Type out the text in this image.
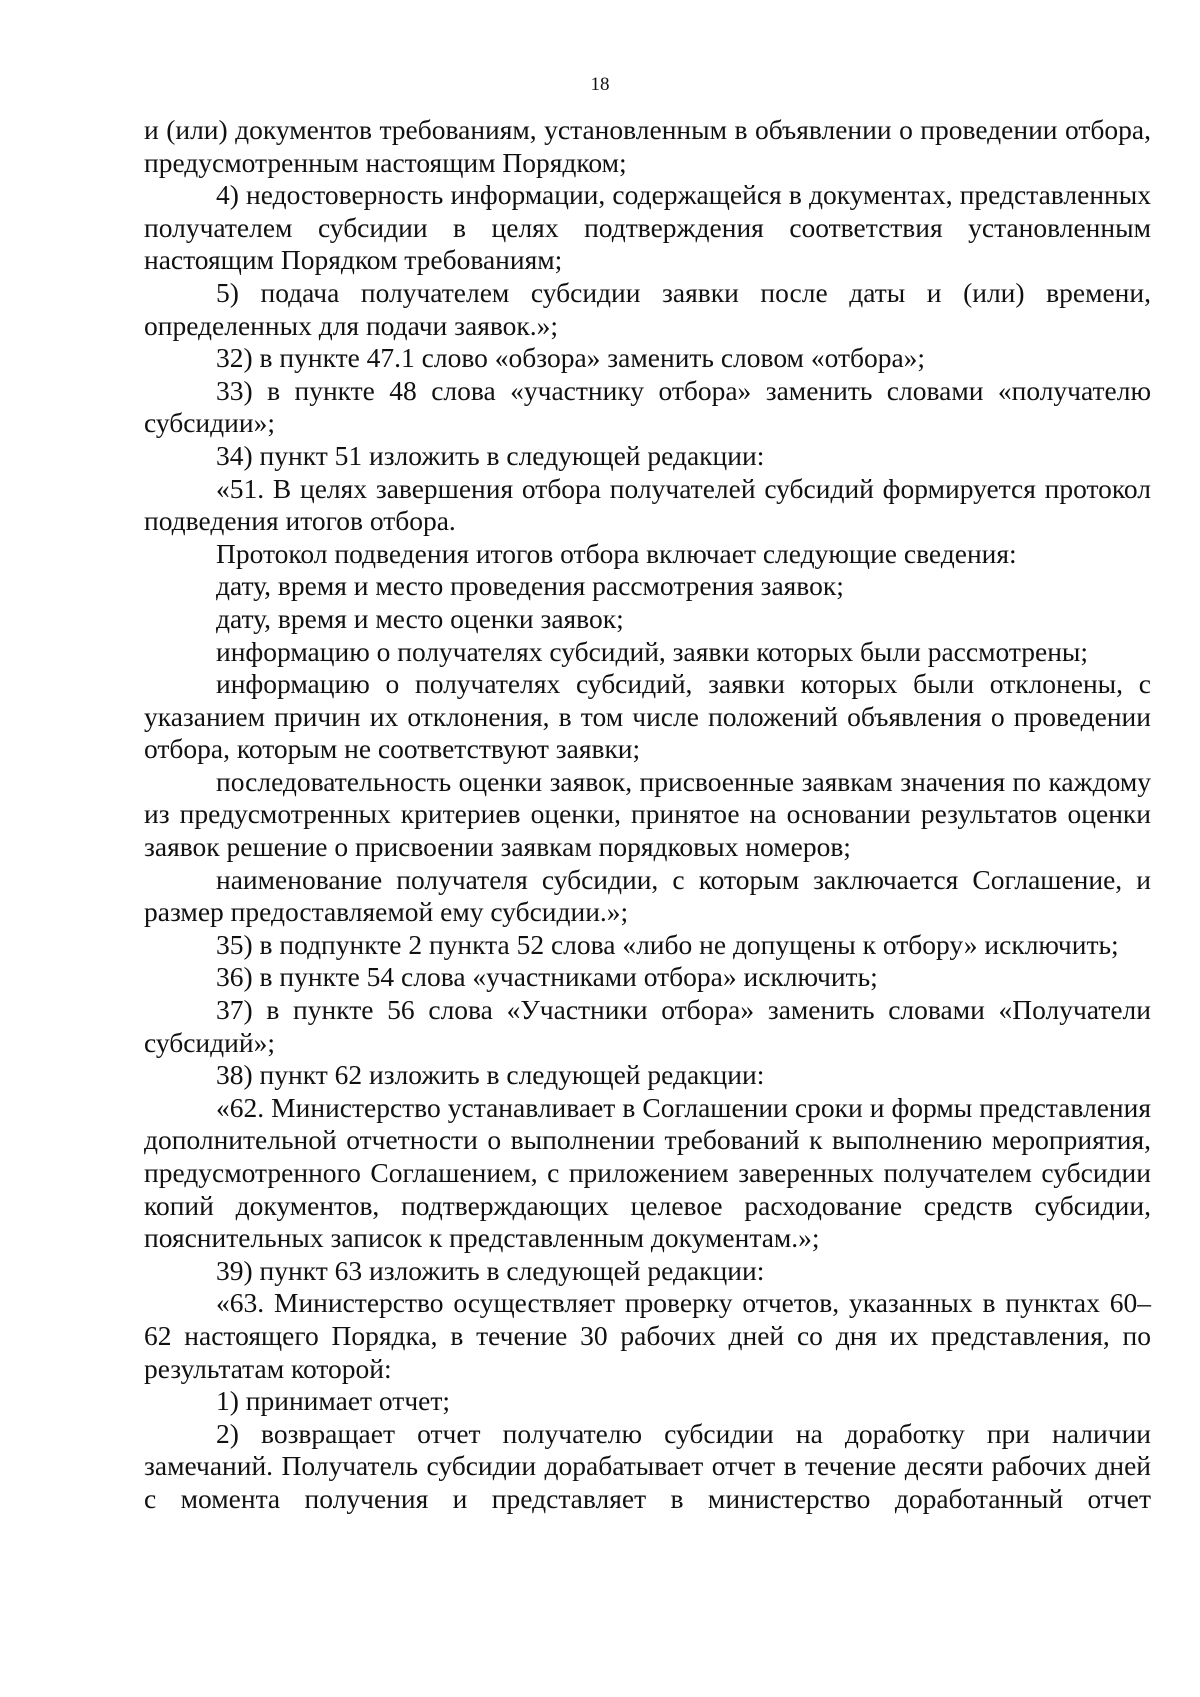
18

и (или) документов требованиям, установленным в объявлении о проведении отбора, предусмотренным настоящим Порядком;

4) недостоверность информации, содержащейся в документах, представленных получателем субсидии в целях подтверждения соответствия установленным настоящим Порядком требованиям;

5) подача получателем субсидии заявки после даты и (или) времени, определенных для подачи заявок.»;

32) в пункте 47.1 слово «обзора» заменить словом «отбора»;

33) в пункте 48 слова «участнику отбора» заменить словами «получателю субсидии»;

34) пункт 51 изложить в следующей редакции:

«51. В целях завершения отбора получателей субсидий формируется протокол подведения итогов отбора.

Протокол подведения итогов отбора включает следующие сведения:

дату, время и место проведения рассмотрения заявок;

дату, время и место оценки заявок;

информацию о получателях субсидий, заявки которых были рассмотрены;

информацию о получателях субсидий, заявки которых были отклонены, с указанием причин их отклонения, в том числе положений объявления о проведении отбора, которым не соответствуют заявки;

последовательность оценки заявок, присвоенные заявкам значения по каждому из предусмотренных критериев оценки, принятое на основании результатов оценки заявок решение о присвоении заявкам порядковых номеров;

наименование получателя субсидии, с которым заключается Соглашение, и размер предоставляемой ему субсидии.»;

35) в подпункте 2 пункта 52 слова «либо не допущены к отбору» исключить;

36) в пункте 54 слова «участниками отбора» исключить;

37) в пункте 56 слова «Участники отбора» заменить словами «Получатели субсидий»;

38) пункт 62 изложить в следующей редакции:

«62. Министерство устанавливает в Соглашении сроки и формы представления дополнительной отчетности о выполнении требований к выполнению мероприятия, предусмотренного Соглашением, с приложением заверенных получателем субсидии копий документов, подтверждающих целевое расходование средств субсидии, пояснительных записок к представленным документам.»;

39) пункт 63 изложить в следующей редакции:

«63. Министерство осуществляет проверку отчетов, указанных в пунктах 60–62 настоящего Порядка, в течение 30 рабочих дней со дня их представления, по результатам которой:

1) принимает отчет;

2) возвращает отчет получателю субсидии на доработку при наличии замечаний. Получатель субсидии дорабатывает отчет в течение десяти рабочих дней с момента получения и представляет в министерство доработанный отчет
